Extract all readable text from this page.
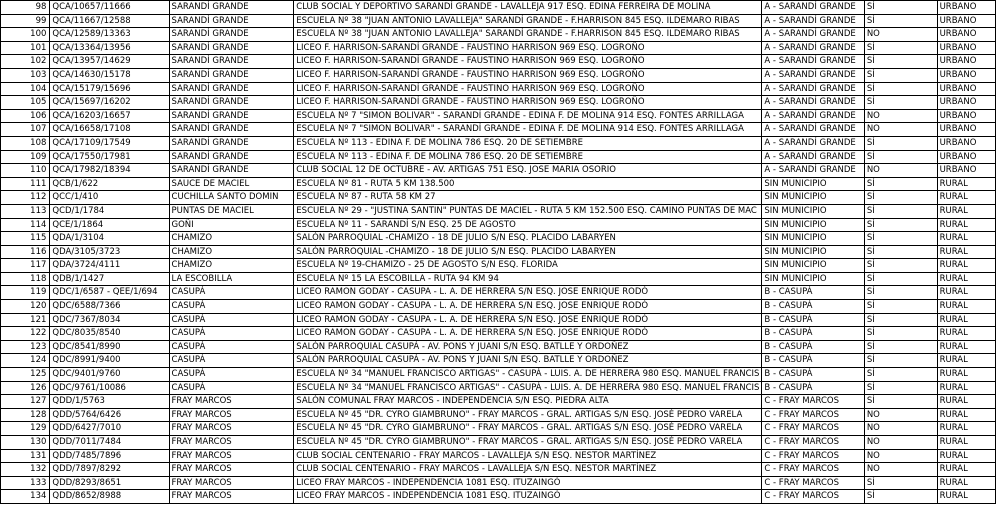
98	QCA/10657/11666	SARANDÍ GRANDE	CLUB SOCIAL Y DEPORTIVO SARANDÍ GRANDE - LAVALLEJA 917 ESQ. EDINA FERREIRA DE MOLINA	A - SARANDÍ GRANDE	SÍ	URBANO
99	QCA/11667/12588	SARANDÍ GRANDE	ESCUELA Nº 38 "JUAN ANTONIO LAVALLEJA" SARANDÍ GRANDE - F.HARRISON 845 ESQ. ILDEMARO RIBAS	A - SARANDÍ GRANDE	SÍ	URBANO
100	QCA/12589/13363	SARANDÍ GRANDE	ESCUELA Nº 38 "JUAN ANTONIO LAVALLEJA" SARANDÍ GRANDE - F.HARRISON 845 ESQ. ILDEMARO RIBAS	A - SARANDÍ GRANDE	NO	URBANO
101	QCA/13364/13956	SARANDÍ GRANDE	LICEO F. HARRISON-SARANDÍ GRANDE - FAUSTINO HARRISON 969 ESQ. LOGROÑO	A - SARANDÍ GRANDE	SÍ	URBANO
102	QCA/13957/14629	SARANDÍ GRANDE	LICEO F. HARRISON-SARANDÍ GRANDE - FAUSTINO HARRISON 969 ESQ. LOGROÑO	A - SARANDÍ GRANDE	SÍ	URBANO
103	QCA/14630/15178	SARANDÍ GRANDE	LICEO F. HARRISON-SARANDÍ GRANDE - FAUSTINO HARRISON 969 ESQ. LOGROÑO	A - SARANDÍ GRANDE	SÍ	URBANO
104	QCA/15179/15696	SARANDÍ GRANDE	LICEO F. HARRISON-SARANDÍ GRANDE - FAUSTINO HARRISON 969 ESQ. LOGROÑO	A - SARANDÍ GRANDE	SÍ	URBANO
105	QCA/15697/16202	SARANDÍ GRANDE	LICEO F. HARRISON-SARANDÍ GRANDE - FAUSTINO HARRISON 969 ESQ. LOGROÑO	A - SARANDÍ GRANDE	SÍ	URBANO
106	QCA/16203/16657	SARANDÍ GRANDE	ESCUELA Nº 7 "SIMON BOLIVAR" - SARANDÍ GRANDE - EDINA F. DE MOLINA 914 ESQ. FONTES ARRILLAGA	A - SARANDÍ GRANDE	NO	URBANO
107	QCA/16658/17108	SARANDÍ GRANDE	ESCUELA Nº 7 "SIMON BOLIVAR" - SARANDÍ GRANDE - EDINA F. DE MOLINA 914 ESQ. FONTES ARRILLAGA	A - SARANDÍ GRANDE	NO	URBANO
108	QCA/17109/17549	SARANDÍ GRANDE	ESCUELA Nº 113 - EDINA F. DE MOLINA 786 ESQ. 20 DE SETIEMBRE	A - SARANDÍ GRANDE	SÍ	URBANO
109	QCA/17550/17981	SARANDÍ GRANDE	ESCUELA Nº 113 - EDINA F. DE MOLINA 786 ESQ. 20 DE SETIEMBRE	A - SARANDÍ GRANDE	SÍ	URBANO
110	QCA/17982/18394	SARANDÍ GRANDE	CLUB SOCIAL 12 DE OCTUBRE - AV. ARTIGAS 751 ESQ. JOSE MARIA OSORIO	A - SARANDÍ GRANDE	NO	URBANO
111	QCB/1/622	SAUCE DE MACIEL	ESCUELA Nº 81 - RUTA 5 KM 138.500	SIN MUNICIPIO	SÍ	RURAL
112	QCC/1/410	CUCHILLA SANTO DOMIN	ESCUELA Nº 87 - RUTA 58 KM 27	SIN MUNICIPIO	SÍ	RURAL
113	QCD/1/1784	PUNTAS DE MACIEL	ESCUELA Nº 29 - "JUSTINA SANTIN" PUNTAS DE MACIEL - RUTA 5 KM 152.500 ESQ. CAMINO PUNTAS DE MAC	SIN MUNICIPIO	SÍ	RURAL
114	QCE/1/1864	GOÑI	ESCUELA Nº 11 - SARANDÍ S/N ESQ. 25 DE AGOSTO	SIN MUNICIPIO	SÍ	RURAL
115	QDA/1/3104	CHAMIZO	SALÓN PARROQUIAL -CHAMIZO - 18 DE JULIO S/N ESQ. PLACIDO LABARYEN	SIN MUNICIPIO	SÍ	RURAL
116	QDA/3105/3723	CHAMIZO	SALÓN PARROQUIAL -CHAMIZO - 18 DE JULIO S/N ESQ. PLACIDO LABARYEN	SIN MUNICIPIO	SÍ	RURAL
117	QDA/3724/4111	CHAMIZO	ESCUELA Nº 19-CHAMIZO - 25 DE AGOSTO S/N ESQ. FLORIDA	SIN MUNICIPIO	SÍ	RURAL
118	QDB/1/1427	LA ESCOBILLA	ESCUELA Nº 15 LA ESCOBILLA - RUTA 94 KM 94	SIN MUNICIPIO	SÍ	RURAL
119	QDC/1/6587 - QEE/1/694	CASUPÁ	LICEO RAMON GODAY - CASUPA - L. A. DE HERRERA S/N ESQ. JOSE ENRIQUE RODÓ	B - CASUPÁ	SÍ	RURAL
120	QDC/6588/7366	CASUPÁ	LICEO RAMON GODAY - CASUPA - L. A. DE HERRERA S/N ESQ. JOSE ENRIQUE RODÓ	B - CASUPÁ	SÍ	RURAL
121	QDC/7367/8034	CASUPÁ	LICEO RAMON GODAY - CASUPA - L. A. DE HERRERA S/N ESQ. JOSE ENRIQUE RODÓ	B - CASUPÁ	SÍ	RURAL
122	QDC/8035/8540	CASUPÁ	LICEO RAMON GODAY - CASUPA - L. A. DE HERRERA S/N ESQ. JOSE ENRIQUE RODÓ	B - CASUPÁ	SÍ	RURAL
123	QDC/8541/8990	CASUPÁ	SALÓN PARROQUIAL CASUPÁ - AV. PONS Y JUANI S/N ESQ. BATLLE Y ORDOÑEZ	B - CASUPÁ	SÍ	RURAL
124	QDC/8991/9400	CASUPÁ	SALÓN PARROQUIAL CASUPÁ - AV. PONS Y JUANI S/N ESQ. BATLLE Y ORDOÑEZ	B - CASUPÁ	SÍ	RURAL
125	QDC/9401/9760	CASUPÁ	ESCUELA Nº 34 "MANUEL FRANCISCO ARTIGAS" - CASUPÁ - LUIS. A. DE HERRERA 980 ESQ. MANUEL FRANCIS	B - CASUPÁ	SÍ	RURAL
126	QDC/9761/10086	CASUPÁ	ESCUELA Nº 34 "MANUEL FRANCISCO ARTIGAS" - CASUPÁ - LUIS. A. DE HERRERA 980 ESQ. MANUEL FRANCIS	B - CASUPÁ	SÍ	RURAL
127	QDD/1/5763	FRAY MARCOS	SALÓN COMUNAL FRAY MARCOS - INDEPENDENCIA S/N ESQ. PIEDRA ALTA	C - FRAY MARCOS	SÍ	RURAL
128	QDD/5764/6426	FRAY MARCOS	ESCUELA Nº 45 "DR. CYRO GIAMBRUNO" - FRAY MARCOS - GRAL. ARTIGAS S/N ESQ. JOSÉ PEDRO VARELA	C - FRAY MARCOS	NO	RURAL
129	QDD/6427/7010	FRAY MARCOS	ESCUELA Nº 45 "DR. CYRO GIAMBRUNO" - FRAY MARCOS - GRAL. ARTIGAS S/N ESQ. JOSÉ PEDRO VARELA	C - FRAY MARCOS	NO	RURAL
130	QDD/7011/7484	FRAY MARCOS	ESCUELA Nº 45 "DR. CYRO GIAMBRUNO" - FRAY MARCOS - GRAL. ARTIGAS S/N ESQ. JOSÉ PEDRO VARELA	C - FRAY MARCOS	NO	RURAL
131	QDD/7485/7896	FRAY MARCOS	CLUB SOCIAL CENTENARIO - FRAY MARCOS - LAVALLEJA S/N ESQ. NESTOR MARTÍNEZ	C - FRAY MARCOS	NO	RURAL
132	QDD/7897/8292	FRAY MARCOS	CLUB SOCIAL CENTENARIO - FRAY MARCOS - LAVALLEJA S/N ESQ. NESTOR MARTÍNEZ	C - FRAY MARCOS	NO	RURAL
133	QDD/8293/8651	FRAY MARCOS	LICEO FRAY MARCOS - INDEPENDENCIA 1081 ESQ. ITUZAINGÓ	C - FRAY MARCOS	SÍ	RURAL
134	QDD/8652/8988	FRAY MARCOS	LICEO FRAY MARCOS - INDEPENDENCIA 1081 ESQ. ITUZAINGÓ	C - FRAY MARCOS	SÍ	RURAL
